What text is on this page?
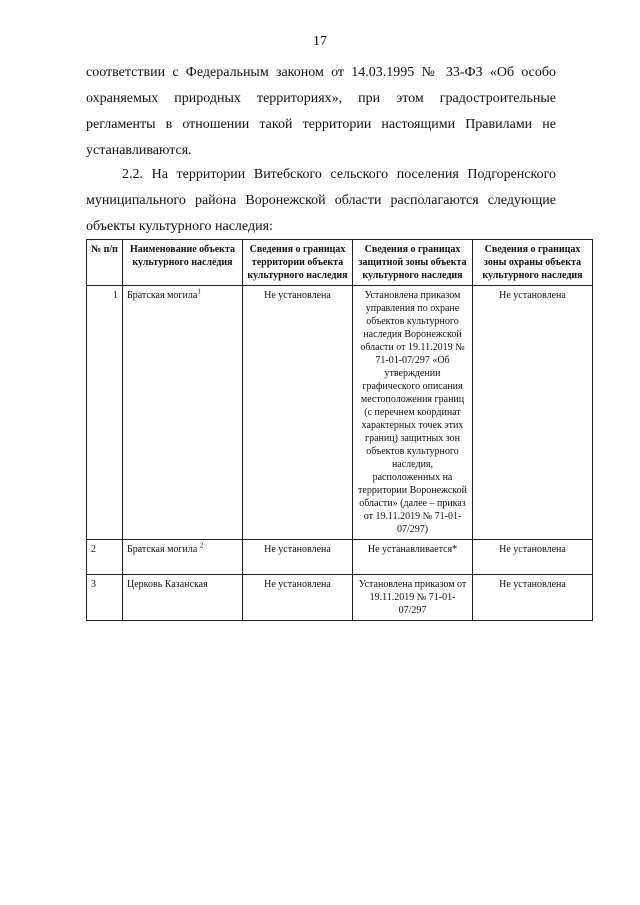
17

соответствии с Федеральным законом от 14.03.1995 № 33-ФЗ «Об особо охраняемых природных территориях», при этом градостроительные регламенты в отношении такой территории настоящими Правилами не устанавливаются.

2.2. На территории Витебского сельского поселения Подгоренского муниципального района Воронежской области располагаются следующие объекты культурного наследия:

№ п/п	Наименование объекта культурного наследия	Сведения о границах территории объекта культурного наследия	Сведения о границах защитной зоны объекта культурного наследия	Сведения о границах зоны охраны объекта культурного наследия
1	Братская могила$^1$	Не установлена	Установлена приказом управления по охране объектов культурного наследия Воронежской области от 19.11.2019 № 71-01-07/297 «Об утверждении графического описания местоположения границ (с перечнем координат характерных точек этих границ) защитных зон объектов культурного наследия, расположенных на территории Воронежской области» (далее – приказ от 19.11.2019 № 71-01-07/297)	Не установлена
2	Братская могила $^2$	Не установлена	Не устанавливается*	Не установлена
3	Церковь Казанская	Не установлена	Установлена приказом от 19.11.2019 № 71-01-07/297	Не установлена
